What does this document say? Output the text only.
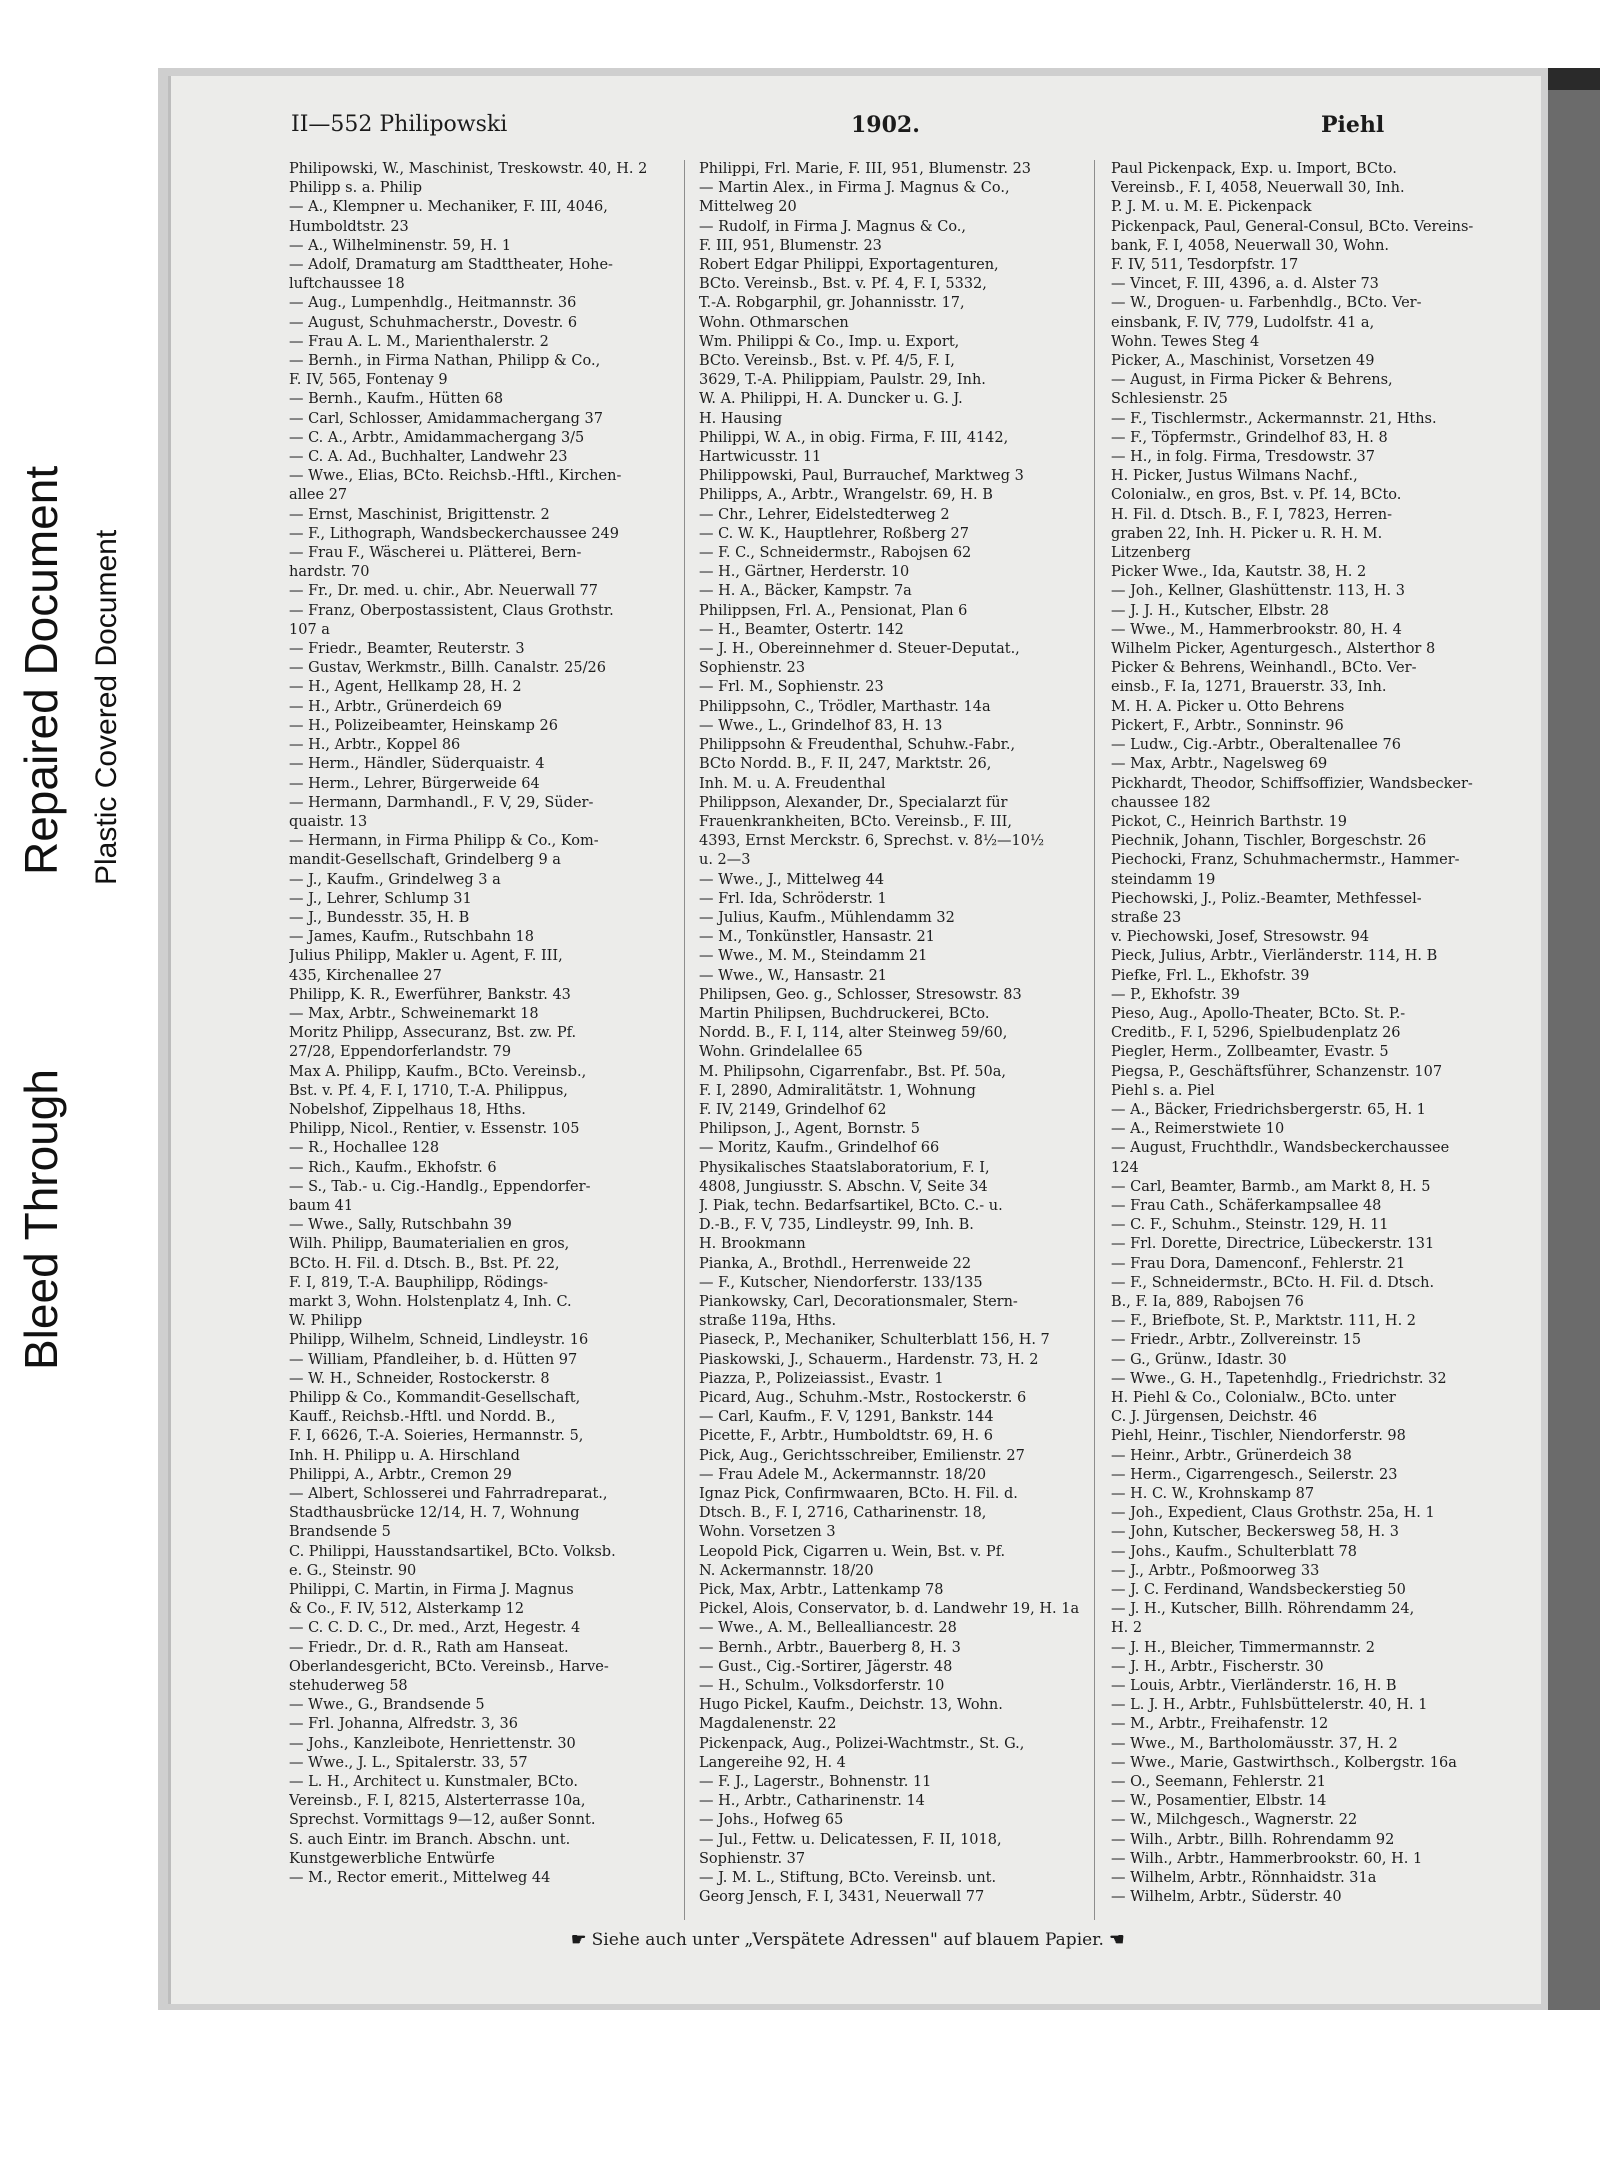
Bleed Through
Repaired Document Plastic Covered Document
II—552 Philipowski	1902.	Piehl
Philipowski, W., Maschinist, Treskowstr. 40, H. 2
Philipp s. a. Philip
— A., Klempner u. Mechaniker, F. III, 4046,
Humboldtstr. 23
— A., Wilhelminenstr. 59, H. 1
— Adolf, Dramaturg am Stadttheater, Hohe-
luftchaussee 18
— Aug., Lumpenhdlg., Heitmannstr. 36
— August, Schuhmacherstr., Dovestr. 6
— Frau A. L. M., Marienthalerstr. 2
— Bernh., in Firma Nathan, Philipp & Co.,
F. IV, 565, Fontenay 9
— Bernh., Kaufm., Hütten 68
— Carl, Schlosser, Amidammachergang 37
— C. A., Arbtr., Amidammachergang 3/5
— C. A. Ad., Buchhalter, Landwehr 23
— Wwe., Elias, BCto. Reichsb.-Hftl., Kirchen-
allee 27
— Ernst, Maschinist, Brigittenstr. 2
— F., Lithograph, Wandsbeckerchaussee 249
— Frau F., Wäscherei u. Plätterei, Bern-
hardstr. 70
— Fr., Dr. med. u. chir., Abr. Neuerwall 77
— Franz, Oberpostassistent, Claus Grothstr.
107 a
— Friedr., Beamter, Reuterstr. 3
— Gustav, Werkmstr., Billh. Canalstr. 25/26
— H., Agent, Hellkamp 28, H. 2
— H., Arbtr., Grünerdeich 69
— H., Polizeibeamter, Heinskamp 26
— H., Arbtr., Koppel 86
— Herm., Händler, Süderquaistr. 4
— Herm., Lehrer, Bürgerweide 64
— Hermann, Darmhandl., F. V, 29, Süder-
quaistr. 13
— Hermann, in Firma Philipp & Co., Kom-
mandit-Gesellschaft, Grindelberg 9 a
— J., Kaufm., Grindelweg 3 a
— J., Lehrer, Schlump 31
— J., Bundesstr. 35, H. B
— James, Kaufm., Rutschbahn 18
Julius Philipp, Makler u. Agent, F. III,
435, Kirchenallee 27
Philipp, K. R., Ewerführer, Bankstr. 43
— Max, Arbtr., Schweinemarkt 18
Moritz Philipp, Assecuranz, Bst. zw. Pf.
27/28, Eppendorferlandstr. 79
Max A. Philipp, Kaufm., BCto. Vereinsb.,
Bst. v. Pf. 4, F. I, 1710, T.-A. Philippus,
Nobelshof, Zippelhaus 18, Hths.
Philipp, Nicol., Rentier, v. Essenstr. 105
— R., Hochallee 128
— Rich., Kaufm., Ekhofstr. 6
— S., Tab.- u. Cig.-Handlg., Eppendorfer-
baum 41
— Wwe., Sally, Rutschbahn 39
Wilh. Philipp, Baumaterialien en gros,
BCto. H. Fil. d. Dtsch. B., Bst. Pf. 22,
F. I, 819, T.-A. Bauphilipp, Rödings-
markt 3, Wohn. Holstenplatz 4, Inh. C.
W. Philipp
Philipp, Wilhelm, Schneid, Lindleystr. 16
— William, Pfandleiher, b. d. Hütten 97
— W. H., Schneider, Rostockerstr. 8
Philipp & Co., Kommandit-Gesellschaft,
Kauff., Reichsb.-Hftl. und Nordd. B.,
F. I, 6626, T.-A. Soieries, Hermannstr. 5,
Inh. H. Philipp u. A. Hirschland
Philippi, A., Arbtr., Cremon 29
— Albert, Schlosserei und Fahrradreparat.,
Stadthausbrücke 12/14, H. 7, Wohnung
Brandsende 5
C. Philippi, Hausstandsartikel, BCto. Volksb.
e. G., Steinstr. 90
Philippi, C. Martin, in Firma J. Magnus
& Co., F. IV, 512, Alsterkamp 12
— C. C. D. C., Dr. med., Arzt, Hegestr. 4
— Friedr., Dr. d. R., Rath am Hanseat.
Oberlandesgericht, BCto. Vereinsb., Harve-
stehuderweg 58
— Wwe., G., Brandsende 5
— Frl. Johanna, Alfredstr. 3, 36
— Johs., Kanzleibote, Henriettenstr. 30
— Wwe., J. L., Spitalerstr. 33, 57
— L. H., Architect u. Kunstmaler, BCto.
Vereinsb., F. I, 8215, Alsterterrasse 10a,
Sprechst. Vormittags 9—12, außer Sonnt.
S. auch Eintr. im Branch. Abschn. unt.
Kunstgewerbliche Entwürfe
— M., Rector emerit., Mittelweg 44
Philippi, Frl. Marie, F. III, 951, Blumenstr. 23
— Martin Alex., in Firma J. Magnus & Co.,
Mittelweg 20
— Rudolf, in Firma J. Magnus & Co.,
F. III, 951, Blumenstr. 23
Robert Edgar Philippi, Exportagenturen,
BCto. Vereinsb., Bst. v. Pf. 4, F. I, 5332,
T.-A. Robgarphil, gr. Johannisstr. 17,
Wohn. Othmarschen
Wm. Philippi & Co., Imp. u. Export,
BCto. Vereinsb., Bst. v. Pf. 4/5, F. I,
3629, T.-A. Philippiam, Paulstr. 29, Inh.
W. A. Philippi, H. A. Duncker u. G. J.
H. Hausing
Philippi, W. A., in obig. Firma, F. III, 4142,
Hartwicusstr. 11
Philippowski, Paul, Burrauchef, Marktweg 3
Philipps, A., Arbtr., Wrangelstr. 69, H. B
— Chr., Lehrer, Eidelstedterweg 2
— C. W. K., Hauptlehrer, Roßberg 27
— F. C., Schneidermstr., Rabojsen 62
— H., Gärtner, Herderstr. 10
— H. A., Bäcker, Kampstr. 7a
Philippsen, Frl. A., Pensionat, Plan 6
— H., Beamter, Ostertr. 142
— J. H., Obereinnehmer d. Steuer-Deputat.,
Sophienstr. 23
— Frl. M., Sophienstr. 23
Philippsohn, C., Trödler, Marthastr. 14a
— Wwe., L., Grindelhof 83, H. 13
Philippsohn & Freudenthal, Schuhw.-Fabr.,
BCto Nordd. B., F. II, 247, Marktstr. 26,
Inh. M. u. A. Freudenthal
Philippson, Alexander, Dr., Specialarzt für
Frauenkrankheiten, BCto. Vereinsb., F. III,
4393, Ernst Merckstr. 6, Sprechst. v. 8½—10½
u. 2—3
— Wwe., J., Mittelweg 44
— Frl. Ida, Schröderstr. 1
— Julius, Kaufm., Mühlendamm 32
— M., Tonkünstler, Hansastr. 21
— Wwe., M. M., Steindamm 21
— Wwe., W., Hansastr. 21
Philipsen, Geo. g., Schlosser, Stresowstr. 83
Martin Philipsen, Buchdruckerei, BCto.
Nordd. B., F. I, 114, alter Steinweg 59/60,
Wohn. Grindelallee 65
M. Philipsohn, Cigarrenfabr., Bst. Pf. 50a,
F. I, 2890, Admiralitätstr. 1, Wohnung
F. IV, 2149, Grindelhof 62
Philipson, J., Agent, Bornstr. 5
— Moritz, Kaufm., Grindelhof 66
Physikalisches Staatslaboratorium, F. I,
4808, Jungiusstr. S. Abschn. V, Seite 34
J. Piak, techn. Bedarfsartikel, BCto. C.- u.
D.-B., F. V, 735, Lindleystr. 99, Inh. B.
H. Brookmann
Pianka, A., Brothdl., Herrenweide 22
— F., Kutscher, Niendorferstr. 133/135
Piankowsky, Carl, Decorationsmaler, Stern-
straße 119a, Hths.
Piaseck, P., Mechaniker, Schulterblatt 156, H. 7
Piaskowski, J., Schauerm., Hardenstr. 73, H. 2
Piazza, P., Polizeiassist., Evastr. 1
Picard, Aug., Schuhm.-Mstr., Rostockerstr. 6
— Carl, Kaufm., F. V, 1291, Bankstr. 144
Picette, F., Arbtr., Humboldtstr. 69, H. 6
Pick, Aug., Gerichtsschreiber, Emilienstr. 27
— Frau Adele M., Ackermannstr. 18/20
Ignaz Pick, Confirmwaaren, BCto. H. Fil. d.
Dtsch. B., F. I, 2716, Catharinenstr. 18,
Wohn. Vorsetzen 3
Leopold Pick, Cigarren u. Wein, Bst. v. Pf.
N. Ackermannstr. 18/20
Pick, Max, Arbtr., Lattenkamp 78
Pickel, Alois, Conservator, b. d. Landwehr 19, H. 1a
— Wwe., A. M., Bellealliancestr. 28
— Bernh., Arbtr., Bauerberg 8, H. 3
— Gust., Cig.-Sortirer, Jägerstr. 48
— H., Schulm., Volksdorferstr. 10
Hugo Pickel, Kaufm., Deichstr. 13, Wohn.
Magdalenenstr. 22
Pickenpack, Aug., Polizei-Wachtmstr., St. G.,
Langereihe 92, H. 4
— F. J., Lagerstr., Bohnenstr. 11
— H., Arbtr., Catharinenstr. 14
— Johs., Hofweg 65
— Jul., Fettw. u. Delicatessen, F. II, 1018,
Sophienstr. 37
— J. M. L., Stiftung, BCto. Vereinsb. unt.
Georg Jensch, F. I, 3431, Neuerwall 77
Paul Pickenpack, Exp. u. Import, BCto.
Vereinsb., F. I, 4058, Neuerwall 30, Inh.
P. J. M. u. M. E. Pickenpack
Pickenpack, Paul, General-Consul, BCto. Vereins-
bank, F. I, 4058, Neuerwall 30, Wohn.
F. IV, 511, Tesdorpfstr. 17
— Vincet, F. III, 4396, a. d. Alster 73
— W., Droguen- u. Farbenhdlg., BCto. Ver-
einsbank, F. IV, 779, Ludolfstr. 41 a,
Wohn. Tewes Steg 4
Picker, A., Maschinist, Vorsetzen 49
— August, in Firma Picker & Behrens,
Schlesienstr. 25
— F., Tischlermstr., Ackermannstr. 21, Hths.
— F., Töpfermstr., Grindelhof 83, H. 8
— H., in folg. Firma, Tresdowstr. 37
H. Picker, Justus Wilmans Nachf.,
Colonialw., en gros, Bst. v. Pf. 14, BCto.
H. Fil. d. Dtsch. B., F. I, 7823, Herren-
graben 22, Inh. H. Picker u. R. H. M.
Litzenberg
Picker Wwe., Ida, Kautstr. 38, H. 2
— Joh., Kellner, Glashüttenstr. 113, H. 3
— J. J. H., Kutscher, Elbstr. 28
— Wwe., M., Hammerbrookstr. 80, H. 4
Wilhelm Picker, Agenturgesch., Alsterthor 8
Picker & Behrens, Weinhandl., BCto. Ver-
einsb., F. Ia, 1271, Brauerstr. 33, Inh.
M. H. A. Picker u. Otto Behrens
Pickert, F., Arbtr., Sonninstr. 96
— Ludw., Cig.-Arbtr., Oberaltenallee 76
— Max, Arbtr., Nagelsweg 69
Pickhardt, Theodor, Schiffsoffizier, Wandsbecker-
chaussee 182
Pickot, C., Heinrich Barthstr. 19
Piechnik, Johann, Tischler, Borgeschstr. 26
Piechocki, Franz, Schuhmachermstr., Hammer-
steindamm 19
Piechowski, J., Poliz.-Beamter, Methfessel-
straße 23
v. Piechowski, Josef, Stresowstr. 94
Pieck, Julius, Arbtr., Vierländerstr. 114, H. B
Piefke, Frl. L., Ekhofstr. 39
— P., Ekhofstr. 39
Pieso, Aug., Apollo-Theater, BCto. St. P.-
Creditb., F. I, 5296, Spielbudenplatz 26
Piegler, Herm., Zollbeamter, Evastr. 5
Piegsa, P., Geschäftsführer, Schanzenstr. 107
Piehl s. a. Piel
— A., Bäcker, Friedrichsbergerstr. 65, H. 1
— A., Reimerstwiete 10
— August, Fruchthdlr., Wandsbeckerchaussee
124
— Carl, Beamter, Barmb., am Markt 8, H. 5
— Frau Cath., Schäferkampsallee 48
— C. F., Schuhm., Steinstr. 129, H. 11
— Frl. Dorette, Directrice, Lübeckerstr. 131
— Frau Dora, Damenconf., Fehlerstr. 21
— F., Schneidermstr., BCto. H. Fil. d. Dtsch.
B., F. Ia, 889, Rabojsen 76
— F., Briefbote, St. P., Marktstr. 111, H. 2
— Friedr., Arbtr., Zollvereinstr. 15
— G., Grünw., Idastr. 30
— Wwe., G. H., Tapetenhdlg., Friedrichstr. 32
H. Piehl & Co., Colonialw., BCto. unter
C. J. Jürgensen, Deichstr. 46
Piehl, Heinr., Tischler, Niendorferstr. 98
— Heinr., Arbtr., Grünerdeich 38
— Herm., Cigarrengesch., Seilerstr. 23
— H. C. W., Krohnskamp 87
— Joh., Expedient, Claus Grothstr. 25a, H. 1
— John, Kutscher, Beckersweg 58, H. 3
— Johs., Kaufm., Schulterblatt 78
— J., Arbtr., Poßmoorweg 33
— J. C. Ferdinand, Wandsbeckerstieg 50
— J. H., Kutscher, Billh. Röhrendamm 24,
H. 2
— J. H., Bleicher, Timmermannstr. 2
— J. H., Arbtr., Fischerstr. 30
— Louis, Arbtr., Vierländerstr. 16, H. B
— L. J. H., Arbtr., Fuhlsbüttelerstr. 40, H. 1
— M., Arbtr., Freihafenstr. 12
— Wwe., M., Bartholomäusstr. 37, H. 2
— Wwe., Marie, Gastwirthsch., Kolbergstr. 16a
— O., Seemann, Fehlerstr. 21
— W., Posamentier, Elbstr. 14
— W., Milchgesch., Wagnerstr. 22
— Wilh., Arbtr., Billh. Rohrendamm 92
— Wilh., Arbtr., Hammerbrookstr. 60, H. 1
— Wilhelm, Arbtr., Rönnhaidstr. 31a
— Wilhelm, Arbtr., Süderstr. 40
☛ Siehe auch unter „Verspätete Adressen" auf blauem Papier. ☚
